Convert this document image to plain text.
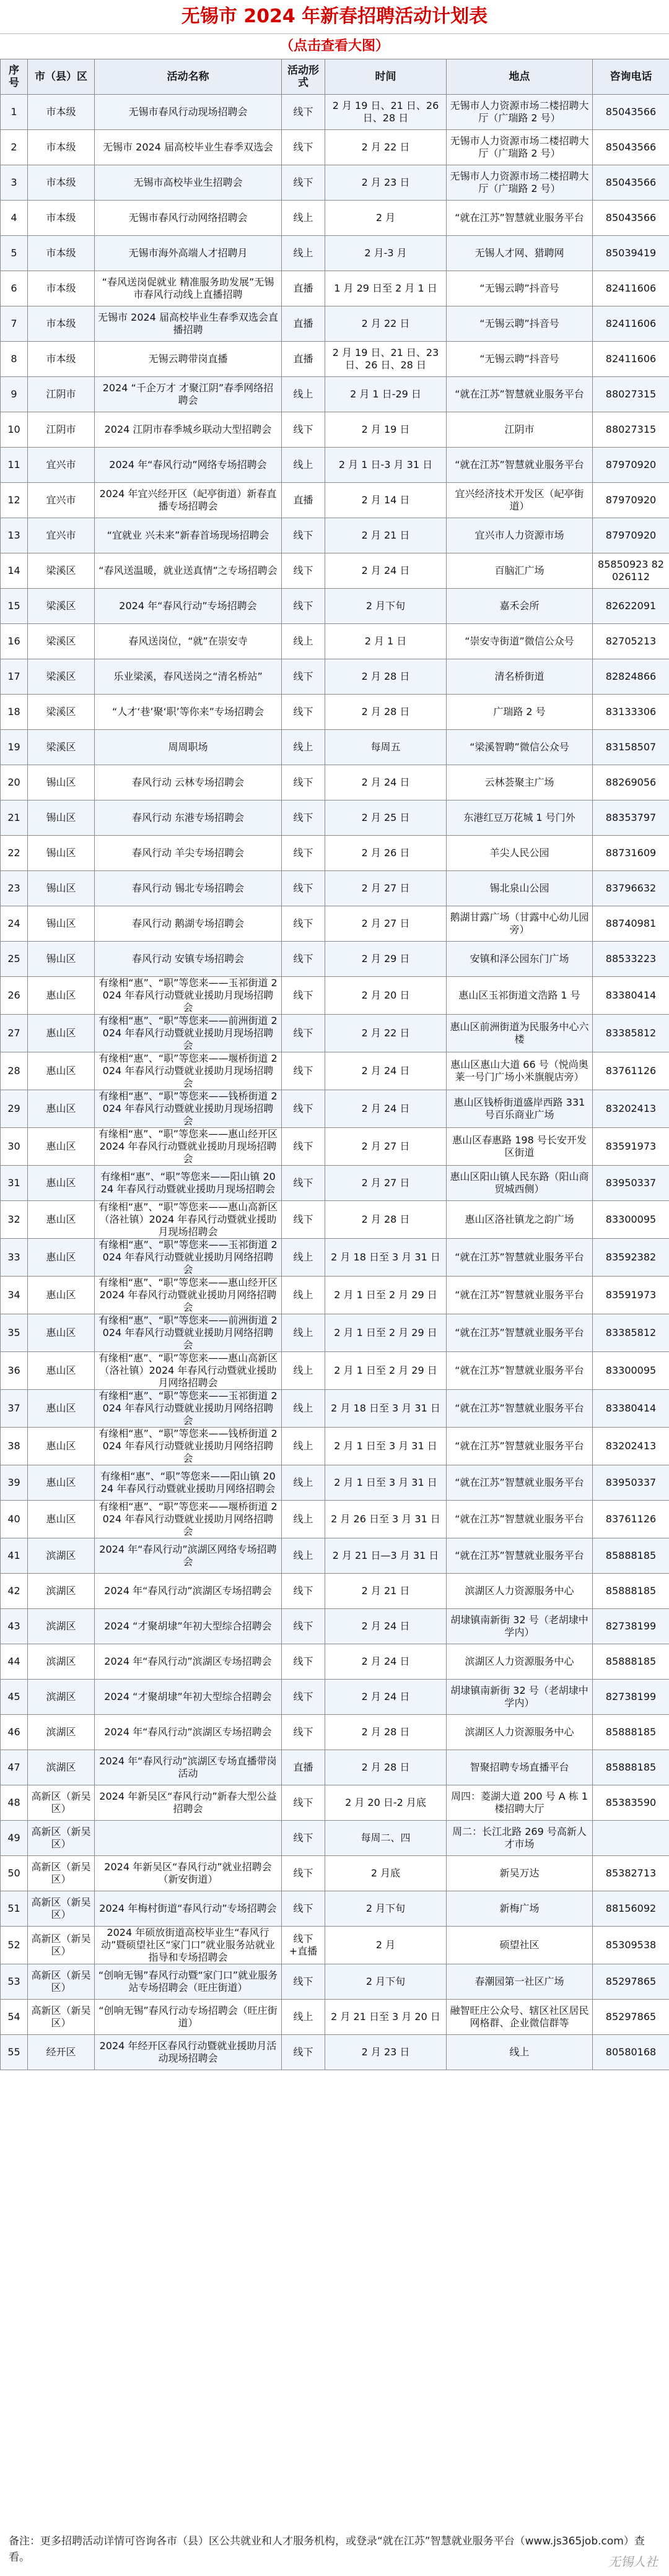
无锡市 2024 年新春招聘活动计划表
（点击查看大图）
序号	市（县）区	活动名称	活动形式	时间	地点	咨询电话
1	市本级	无锡市春风行动现场招聘会	线下	2 月 19 日、21 日、26 日、28 日	无锡市人力资源市场二楼招聘大厅（广瑞路 2 号）	85043566
2	市本级	无锡市 2024 届高校毕业生春季双选会	线下	2 月 22 日	无锡市人力资源市场二楼招聘大厅（广瑞路 2 号）	85043566
3	市本级	无锡市高校毕业生招聘会	线下	2 月 23 日	无锡市人力资源市场二楼招聘大厅（广瑞路 2 号）	85043566
4	市本级	无锡市春风行动网络招聘会	线上	2 月	“就在江苏”智慧就业服务平台	85043566
5	市本级	无锡市海外高端人才招聘月	线上	2 月-3 月	无锡人才网、猎聘网	85039419
6	市本级	“春风送岗促就业 精准服务助发展”无锡市春风行动线上直播招聘	直播	1 月 29 日至 2 月 1 日	“无锡云聘”抖音号	82411606
7	市本级	无锡市 2024 届高校毕业生春季双选会直播招聘	直播	2 月 22 日	“无锡云聘”抖音号	82411606
8	市本级	无锡云聘带岗直播	直播	2 月 19 日、21 日、23 日、26 日、28 日	“无锡云聘”抖音号	82411606
9	江阴市	2024 “千企万才 才聚江阴”春季网络招聘会	线上	2 月 1 日-29 日	“就在江苏”智慧就业服务平台	88027315
10	江阴市	2024 江阴市春季城乡联动大型招聘会	线下	2 月 19 日	江阴市	88027315
11	宜兴市	2024 年“春风行动”网络专场招聘会	线上	2 月 1 日-3 月 31 日	“就在江苏”智慧就业服务平台	87970920
12	宜兴市	2024 年宜兴经开区（屺亭街道）新春直播专场招聘会	直播	2 月 14 日	宜兴经济技术开发区（屺亭街道）	87970920
13	宜兴市	“宜就业 兴未来”新春首场现场招聘会	线下	2 月 21 日	宜兴市人力资源市场	87970920
14	梁溪区	“春风送温暖，就业送真情”之专场招聘会	线下	2 月 24 日	百脑汇广场	85850923 82026112
15	梁溪区	2024 年“春风行动”专场招聘会	线下	2 月下旬	嘉禾会所	82622091
16	梁溪区	春风送岗位，“就”在崇安寺	线上	2 月 1 日	“崇安寺街道”微信公众号	82705213
17	梁溪区	乐业梁溪，春风送岗之“清名桥站”	线下	2 月 28 日	清名桥街道	82824866
18	梁溪区	“人才‘巷’聚‘职’等你来”专场招聘会	线下	2 月 28 日	广瑞路 2 号	83133306
19	梁溪区	周周职场	线上	每周五	“梁溪智聘”微信公众号	83158507
20	锡山区	春风行动 云林专场招聘会	线下	2 月 24 日	云林荟聚主广场	88269056
21	锡山区	春风行动 东港专场招聘会	线下	2 月 25 日	东港红豆万花城 1 号门外	88353797
22	锡山区	春风行动 羊尖专场招聘会	线下	2 月 26 日	羊尖人民公园	88731609
23	锡山区	春风行动 锡北专场招聘会	线下	2 月 27 日	锡北泉山公园	83796632
24	锡山区	春风行动 鹅湖专场招聘会	线下	2 月 27 日	鹅湖甘露广场（甘露中心幼儿园旁）	88740981
25	锡山区	春风行动 安镇专场招聘会	线下	2 月 29 日	安镇和泽公园东门广场	88533223
26	惠山区	有缘相“惠”、“职”等您来——玉祁街道 2024 年春风行动暨就业援助月现场招聘会	线下	2 月 20 日	惠山区玉祁街道文浩路 1 号	83380414
27	惠山区	有缘相“惠”、“职”等您来——前洲街道 2024 年春风行动暨就业援助月现场招聘会	线下	2 月 22 日	惠山区前洲街道为民服务中心六楼	83385812
28	惠山区	有缘相“惠”、“职”等您来——堰桥街道 2024 年春风行动暨就业援助月现场招聘会	线下	2 月 24 日	惠山区惠山大道 66 号（悦尚奥莱一号门广场小米旗舰店旁）	83761126
29	惠山区	有缘相“惠”、“职”等您来——钱桥街道 2024 年春风行动暨就业援助月现场招聘会	线下	2 月 24 日	惠山区钱桥街道盛岸西路 331 号百乐商业广场	83202413
30	惠山区	有缘相“惠”、“职”等您来——惠山经开区 2024 年春风行动暨就业援助月现场招聘会	线下	2 月 27 日	惠山区春惠路 198 号长安开发区街道	83591973
31	惠山区	有缘相“惠”、“职”等您来——阳山镇 2024 年春风行动暨就业援助月现场招聘会	线下	2 月 27 日	惠山区阳山镇人民东路（阳山商贸城西侧）	83950337
32	惠山区	有缘相“惠”、“职”等您来——惠山高新区（洛社镇）2024 年春风行动暨就业援助月现场招聘会	线下	2 月 28 日	惠山区洛社镇龙之韵广场	83300095
33	惠山区	有缘相“惠”、“职”等您来——玉祁街道 2024 年春风行动暨就业援助月网络招聘会	线上	2 月 18 日至 3 月 31 日	“就在江苏”智慧就业服务平台	83592382
34	惠山区	有缘相“惠”、“职”等您来——惠山经开区 2024 年春风行动暨就业援助月网络招聘会	线上	2 月 1 日至 2 月 29 日	“就在江苏”智慧就业服务平台	83591973
35	惠山区	有缘相“惠”、“职”等您来——前洲街道 2024 年春风行动暨就业援助月网络招聘会	线上	2 月 1 日至 2 月 29 日	“就在江苏”智慧就业服务平台	83385812
36	惠山区	有缘相“惠”、“职”等您来——惠山高新区（洛社镇）2024 年春风行动暨就业援助月网络招聘会	线上	2 月 1 日至 2 月 29 日	“就在江苏”智慧就业服务平台	83300095
37	惠山区	有缘相“惠”、“职”等您来——玉祁街道 2024 年春风行动暨就业援助月网络招聘会	线上	2 月 18 日至 3 月 31 日	“就在江苏”智慧就业服务平台	83380414
38	惠山区	有缘相“惠”、“职”等您来——钱桥街道 2024 年春风行动暨就业援助月网络招聘会	线上	2 月 1 日至 3 月 31 日	“就在江苏”智慧就业服务平台	83202413
39	惠山区	有缘相“惠”、“职”等您来——阳山镇 2024 年春风行动暨就业援助月网络招聘会	线上	2 月 1 日至 3 月 31 日	“就在江苏”智慧就业服务平台	83950337
40	惠山区	有缘相“惠”、“职”等您来——堰桥街道 2024 年春风行动暨就业援助月网络招聘会	线上	2 月 26 日至 3 月 31 日	“就在江苏”智慧就业服务平台	83761126
41	滨湖区	2024 年“春风行动”滨湖区网络专场招聘会	线上	2 月 21 日—3 月 31 日	“就在江苏”智慧就业服务平台	85888185
42	滨湖区	2024 年“春风行动”滨湖区专场招聘会	线下	2 月 21 日	滨湖区人力资源服务中心	85888185
43	滨湖区	2024 “才聚胡埭”年初大型综合招聘会	线下	2 月 24 日	胡埭镇南新街 32 号（老胡埭中学内）	82738199
44	滨湖区	2024 年“春风行动”滨湖区专场招聘会	线下	2 月 24 日	滨湖区人力资源服务中心	85888185
45	滨湖区	2024 “才聚胡埭”年初大型综合招聘会	线下	2 月 24 日	胡埭镇南新街 32 号（老胡埭中学内）	82738199
46	滨湖区	2024 年“春风行动”滨湖区专场招聘会	线下	2 月 28 日	滨湖区人力资源服务中心	85888185
47	滨湖区	2024 年“春风行动”滨湖区专场直播带岗活动	直播	2 月 28 日	智聚招聘专场直播平台	85888185
48	高新区（新吴区）	2024 年新吴区“春风行动”新春大型公益招聘会	线下	2 月 20 日-2 月底	周四：菱湖大道 200 号 A 栋 1 楼招聘大厅	85383590
49	高新区（新吴区）		线下	每周二、四	周二：长江北路 269 号高新人才市场	
50	高新区（新吴区）	2024 年新吴区“春风行动”就业招聘会（新安街道）	线下	2 月底	新吴万达	85382713
51	高新区（新吴区）	2024 年梅村街道“春风行动”专场招聘会	线下	2 月下旬	新梅广场	88156092
52	高新区（新吴区）	2024 年硕放街道高校毕业生“春风行动”暨硕望社区“家门口”就业服务站就业指导和专场招聘会	线下+直播	2 月	硕望社区	85309538
53	高新区（新吴区）	“创响无锡”春风行动暨“家门口”就业服务站专场招聘会（旺庄街道）	线下	2 月下旬	春潮园第一社区广场	85297865
54	高新区（新吴区）	“创响无锡”春风行动专场招聘会（旺庄街道）	线上	2 月 21 日至 3 月 20 日	融智旺庄公众号、辖区社区居民网格群、企业微信群等	85297865
55	经开区	2024 年经开区春风行动暨就业援助月活动现场招聘会	线下	2 月 23 日	线上	80580168
备注：更多招聘活动详情可咨询各市（县）区公共就业和人才服务机构，或登录“就在江苏”智慧就业服务平台（www.js365job.com）查看。	无锡人社
